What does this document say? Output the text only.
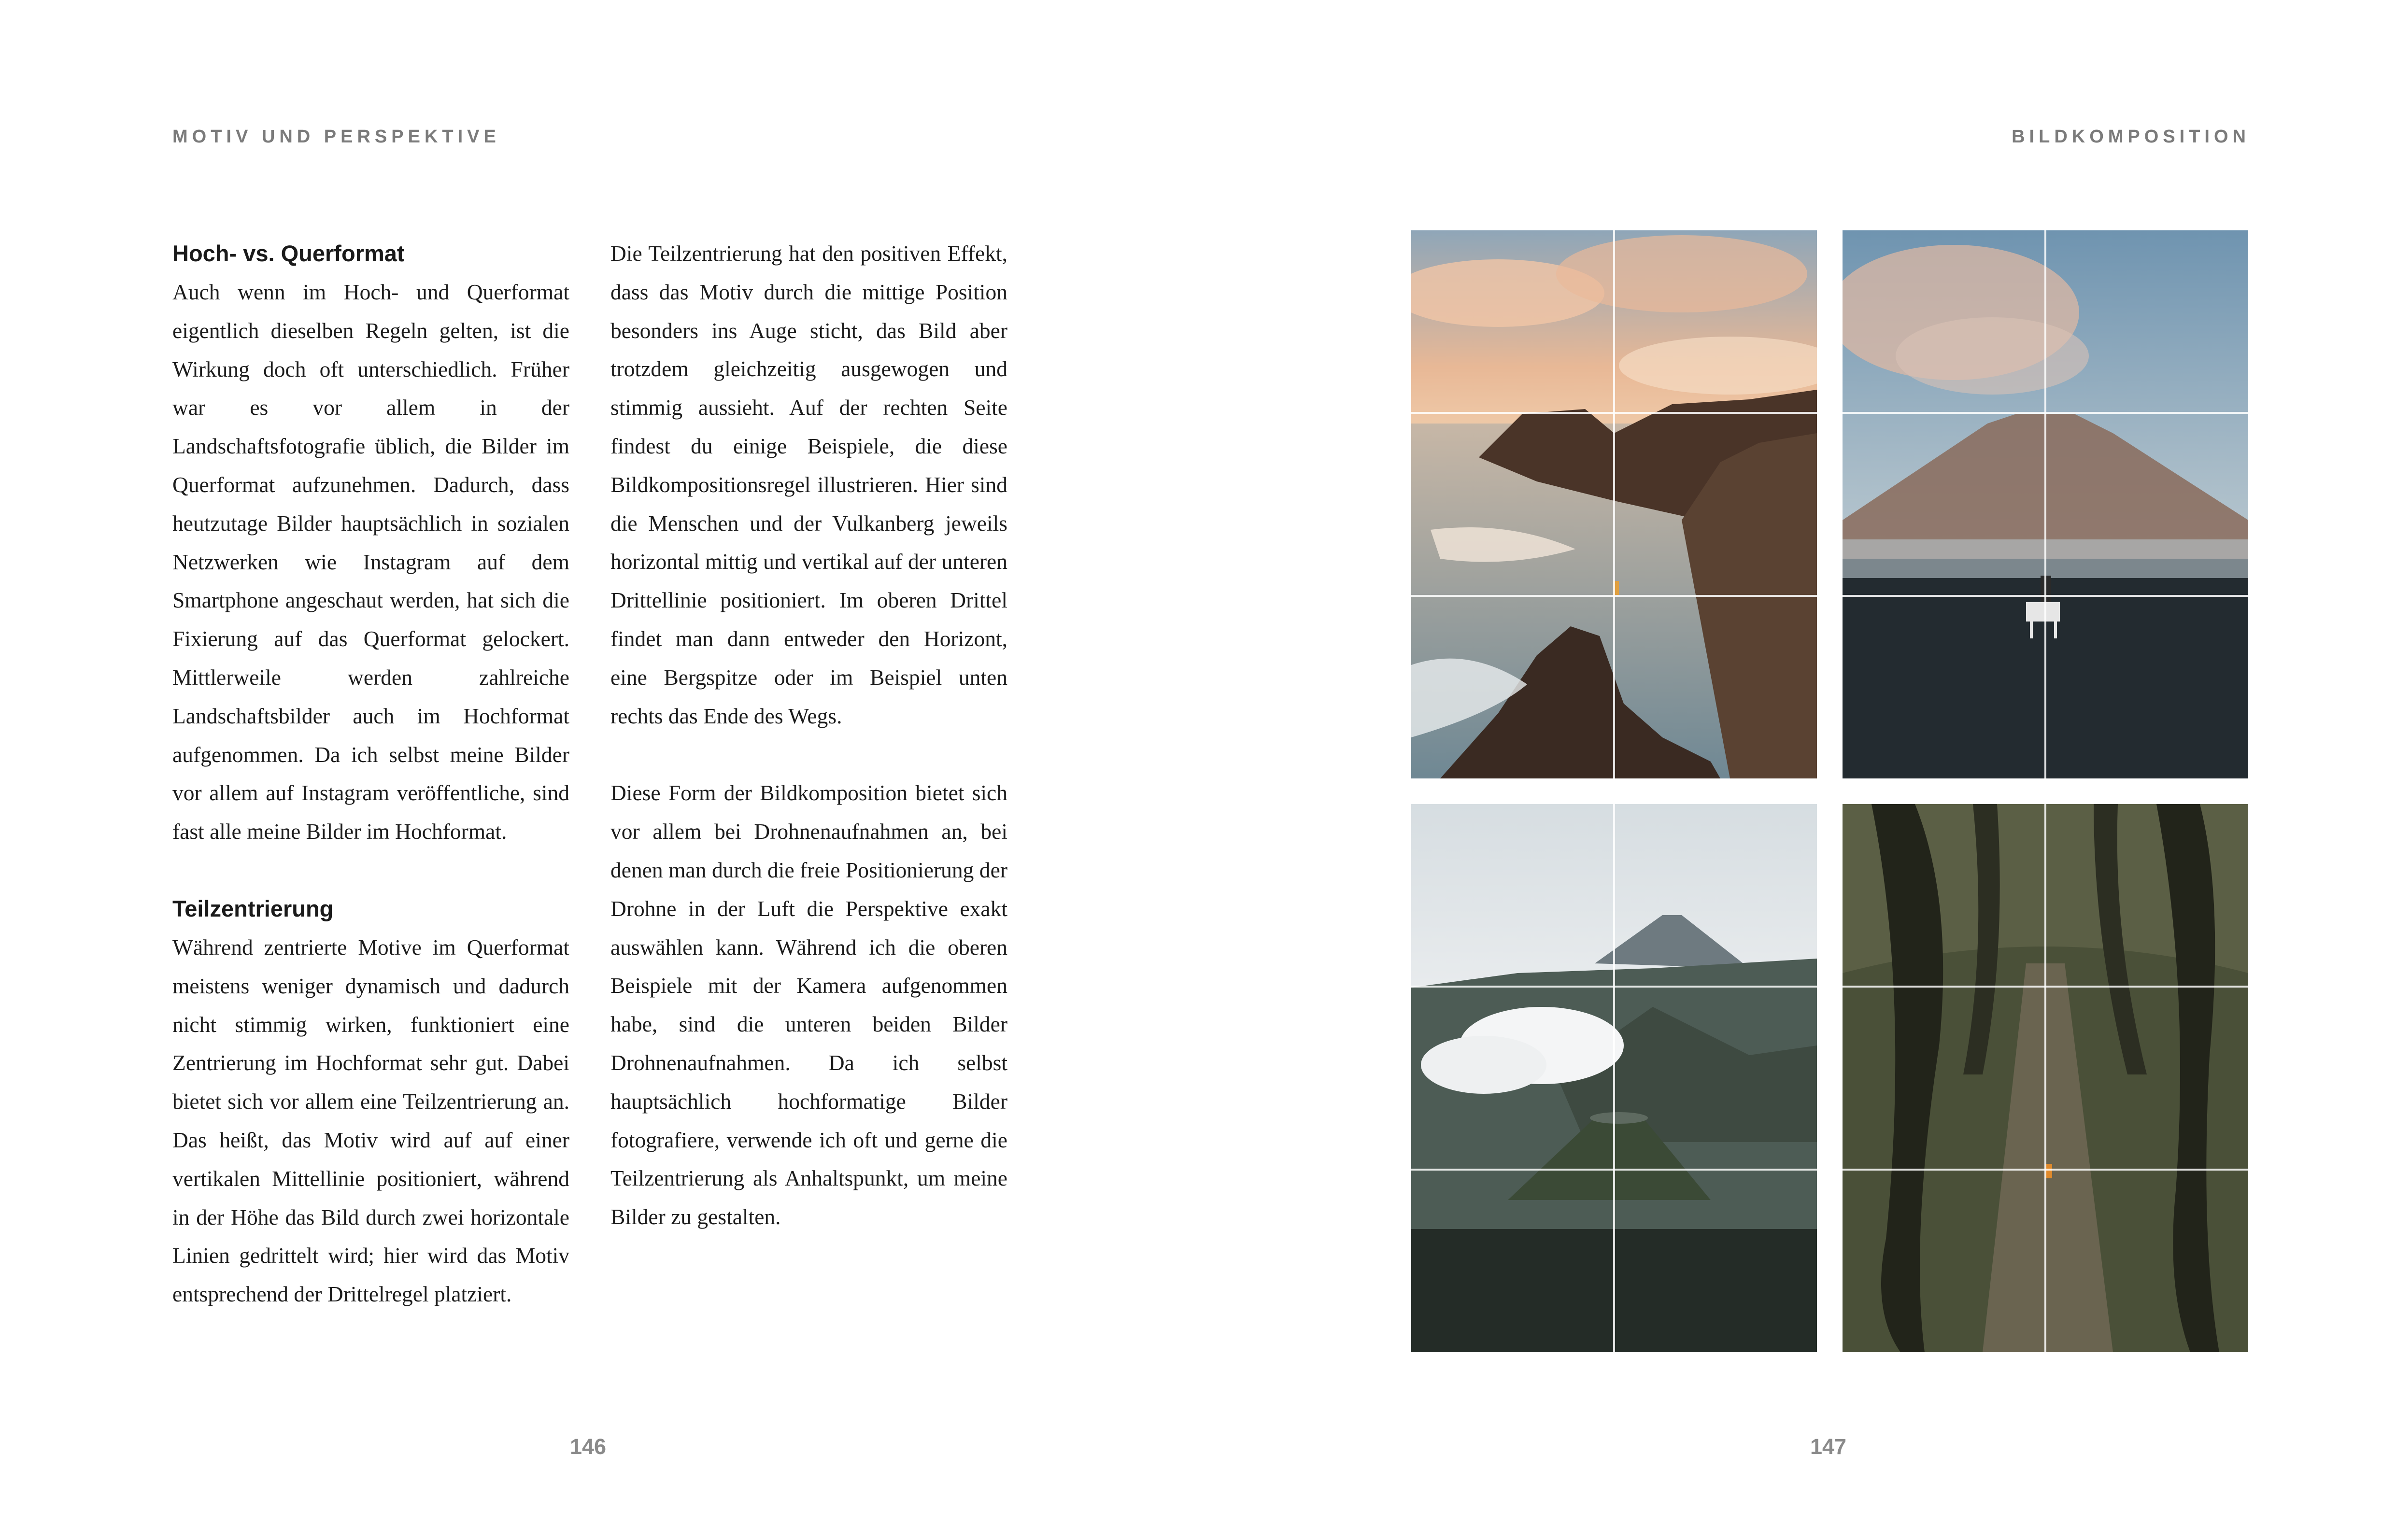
MOTIV UND PERSPEKTIVE	BILDKOMPOSITION
Hoch- vs. Querformat

Auch wenn im Hoch- und Querformat eigentlich dieselben Regeln gelten, ist die Wirkung doch oft unterschiedlich. Früher war es vor allem in der Landschaftsfotografie üblich, die Bilder im Querformat aufzunehmen. Dadurch, dass heutzutage Bilder hauptsächlich in sozialen Netzwerken wie Instagram auf dem Smartphone angeschaut werden, hat sich die Fixierung auf das Querformat gelockert. Mittlerweile werden zahlreiche Landschaftsbilder auch im Hochformat aufgenommen. Da ich selbst meine Bilder vor allem auf Instagram veröffentliche, sind fast alle meine Bilder im Hochformat.

Teilzentrierung

Während zentrierte Motive im Querformat meistens weniger dynamisch und dadurch nicht stimmig wirken, funktioniert eine Zentrierung im Hochformat sehr gut. Dabei bietet sich vor allem eine Teilzentrierung an. Das heißt, das Motiv wird auf auf einer vertikalen Mittellinie positioniert, während in der Höhe das Bild durch zwei horizontale Linien gedrittelt wird; hier wird das Motiv entsprechend der Drittelregel platziert.

Die Teilzentrierung hat den positiven Effekt, dass das Motiv durch die mittige Position besonders ins Auge sticht, das Bild aber trotzdem gleichzeitig ausgewogen und stimmig aussieht. Auf der rechten Seite findest du einige Beispiele, die diese Bildkompositionsregel illustrieren. Hier sind die Menschen und der Vulkanberg jeweils horizontal mittig und vertikal auf der unteren Drittellinie positioniert. Im oberen Drittel findet man dann entweder den Horizont, eine Bergspitze oder im Beispiel unten rechts das Ende des Wegs.

Diese Form der Bildkomposition bietet sich vor allem bei Drohnenaufnahmen an, bei denen man durch die freie Positionierung der Drohne in der Luft die Perspektive exakt auswählen kann. Während ich die oberen Beispiele mit der Kamera aufgenommen habe, sind die unteren beiden Bilder Drohnenaufnahmen. Da ich selbst hauptsächlich hochformatige Bilder fotografiere, verwende ich oft und gerne die Teilzentrierung als Anhaltspunkt, um meine Bilder zu gestalten.

146	147
